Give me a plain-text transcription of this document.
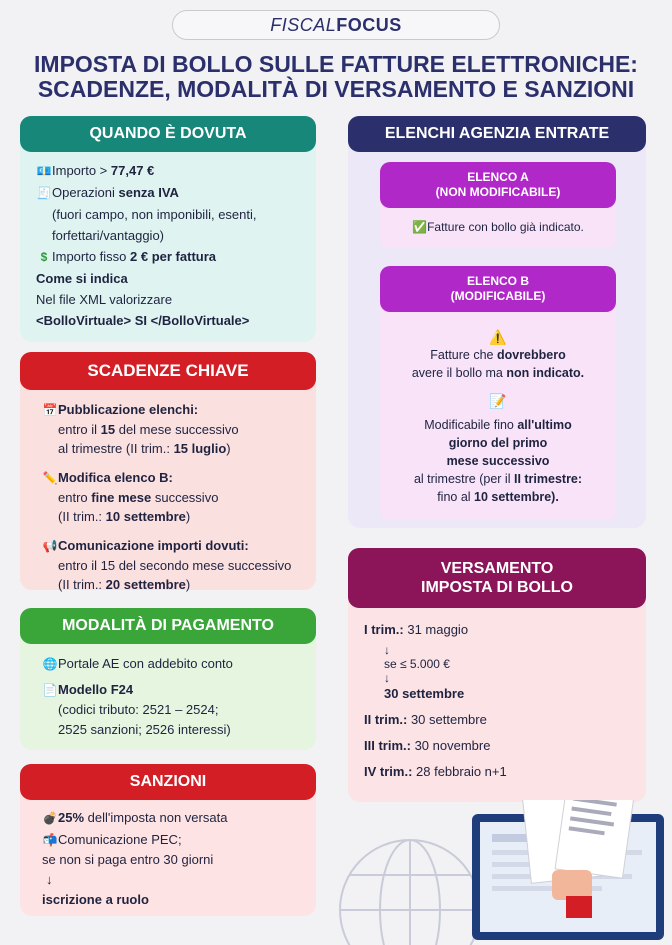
FISCALFOCUS
IMPOSTA DI BOLLO SULLE FATTURE ELETTRONICHE:
SCADENZE, MODALITÀ DI VERSAMENTO E SANZIONI
QUANDO È DOVUTA
💶Importo > 77,47 €
🧾Operazioni senza IVA
(fuori campo, non imponibili, esenti,
forfettari/vantaggio)
$ Importo fisso 2 € per fattura
Come si indica
Nel file XML valorizzare
<BolloVirtuale> SI </BolloVirtuale>
SCADENZE CHIAVE
📅Pubblicazione elenchi:
entro il 15 del mese successivo
al trimestre (II trim.: 15 luglio)
✏️Modifica elenco B:
entro fine mese successivo
(II trim.: 10 settembre)
📢Comunicazione importi dovuti:
entro il 15 del secondo mese successivo
(II trim.: 20 settembre)
MODALITÀ DI PAGAMENTO
🌐Portale AE con addebito conto
📄Modello F24
(codici tributo: 2521 – 2524;
2525 sanzioni; 2526 interessi)
SANZIONI
💣25% dell'imposta non versata
📬Comunicazione PEC;
se non si paga entro 30 giorni
↓
iscrizione a ruolo
ELENCHI AGENZIA ENTRATE
ELENCO A
(NON MODIFICABILE)
✅Fatture con bollo già indicato.
ELENCO B
(MODIFICABILE)
⚠️
Fatture che dovrebbero
avere il bollo ma non indicato.
📝
Modificabile fino all'ultimo
giorno del primo
mese successivo
al trimestre (per il II trimestre:
fino al 10 settembre).
VERSAMENTO
IMPOSTA DI BOLLO
I trim.: 31 maggio
↓
se ≤ 5.000 €
↓
30 settembre
II trim.: 30 settembre
III trim.: 30 novembre
IV trim.: 28 febbraio n+1
